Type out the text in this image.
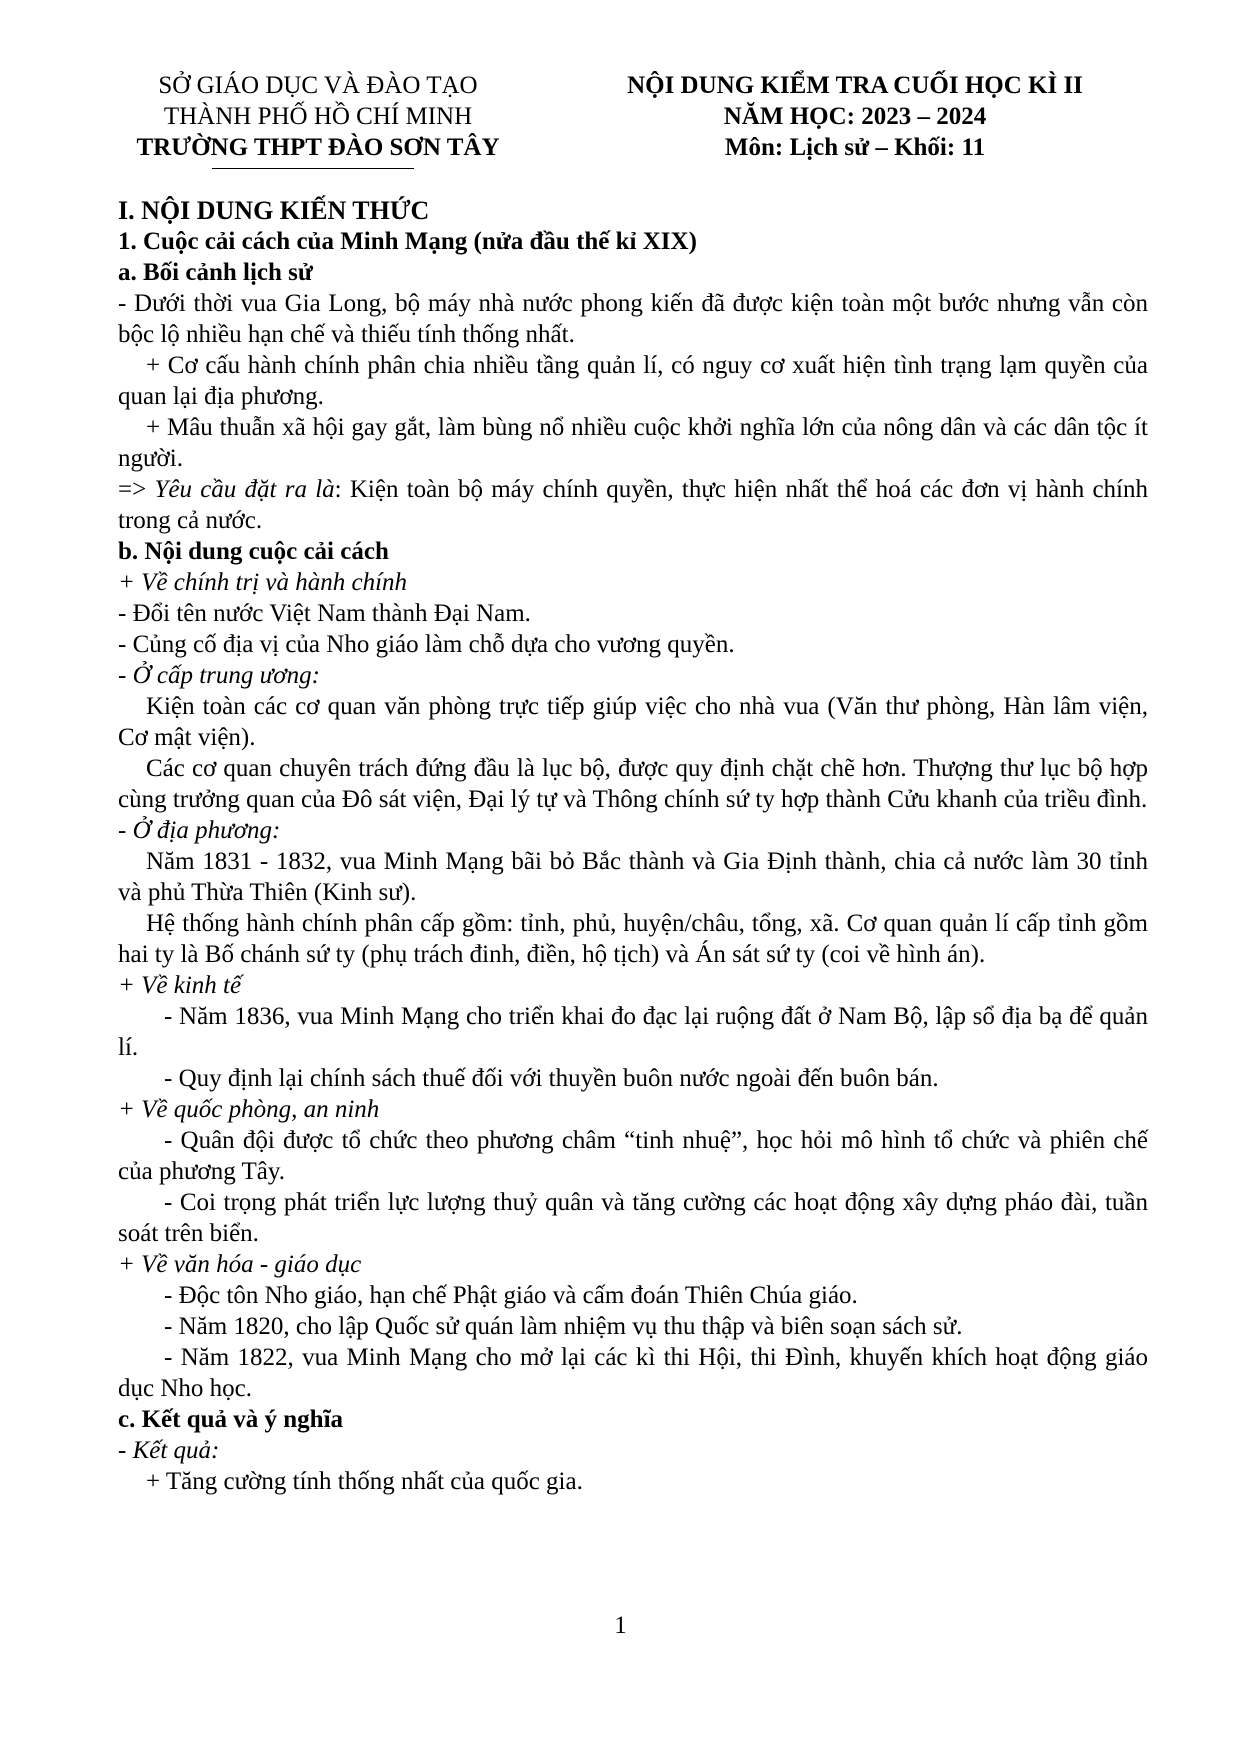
SỞ GIÁO DỤC VÀ ĐÀO TẠO
THÀNH PHỐ HỒ CHÍ MINH
TRƯỜNG THPT ĐÀO SƠN TÂY
NỘI DUNG KIỂM TRA CUỐI HỌC KÌ II
NĂM HỌC: 2023 – 2024
Môn: Lịch sử – Khối: 11

I. NỘI DUNG KIẾN THỨC

1. Cuộc cải cách của Minh Mạng (nửa đầu thế kỉ XIX)

a. Bối cảnh lịch sử

- Dưới thời vua Gia Long, bộ máy nhà nước phong kiến đã được kiện toàn một bước nhưng vẫn còn bộc lộ nhiều hạn chế và thiếu tính thống nhất.

+ Cơ cấu hành chính phân chia nhiều tầng quản lí, có nguy cơ xuất hiện tình trạng lạm quyền của quan lại địa phương.

+ Mâu thuẫn xã hội gay gắt, làm bùng nổ nhiều cuộc khởi nghĩa lớn của nông dân và các dân tộc ít người.

=> Yêu cầu đặt ra là: Kiện toàn bộ máy chính quyền, thực hiện nhất thể hoá các đơn vị hành chính trong cả nước.

b. Nội dung cuộc cải cách

+ Về chính trị và hành chính

- Đổi tên nước Việt Nam thành Đại Nam.

- Củng cố địa vị của Nho giáo làm chỗ dựa cho vương quyền.

- Ở cấp trung ương:

Kiện toàn các cơ quan văn phòng trực tiếp giúp việc cho nhà vua (Văn thư phòng, Hàn lâm viện, Cơ mật viện).

Các cơ quan chuyên trách đứng đầu là lục bộ, được quy định chặt chẽ hơn. Thượng thư lục bộ hợp cùng trưởng quan của Đô sát viện, Đại lý tự và Thông chính sứ ty hợp thành Cửu khanh của triều đình.

- Ở địa phương:

Năm 1831 - 1832, vua Minh Mạng bãi bỏ Bắc thành và Gia Định thành, chia cả nước làm 30 tỉnh và phủ Thừa Thiên (Kinh sư).

Hệ thống hành chính phân cấp gồm: tỉnh, phủ, huyện/châu, tổng, xã. Cơ quan quản lí cấp tỉnh gồm hai ty là Bố chánh sứ ty (phụ trách đinh, điền, hộ tịch) và Án sát sứ ty (coi về hình án).

+ Về kinh tế

- Năm 1836, vua Minh Mạng cho triển khai đo đạc lại ruộng đất ở Nam Bộ, lập sổ địa bạ để quản lí.

- Quy định lại chính sách thuế đối với thuyền buôn nước ngoài đến buôn bán.

+ Về quốc phòng, an ninh

- Quân đội được tổ chức theo phương châm “tinh nhuệ”, học hỏi mô hình tổ chức và phiên chế của phương Tây.

- Coi trọng phát triển lực lượng thuỷ quân và tăng cường các hoạt động xây dựng pháo đài, tuần soát trên biển.

+ Về văn hóa - giáo dục

- Độc tôn Nho giáo, hạn chế Phật giáo và cấm đoán Thiên Chúa giáo.

- Năm 1820, cho lập Quốc sử quán làm nhiệm vụ thu thập và biên soạn sách sử.

- Năm 1822, vua Minh Mạng cho mở lại các kì thi Hội, thi Đình, khuyến khích hoạt động giáo dục Nho học.

c. Kết quả và ý nghĩa

- Kết quả:

+ Tăng cường tính thống nhất của quốc gia.

1
